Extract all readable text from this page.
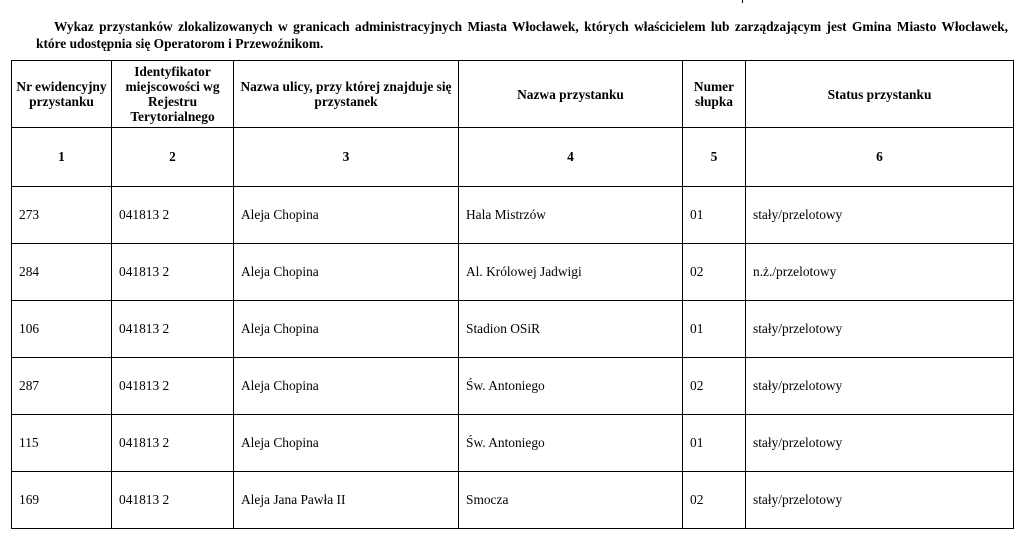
Wykaz przystanków zlokalizowanych w granicach administracyjnych Miasta Włocławek, których właścicielem lub zarządzającym jest Gmina Miasto Włocławek, które udostępnia się Operatorom i Przewoźnikom.
Nr ewidencyjny przystanku	Identyfikator miejscowości wg Rejestru Terytorialnego	Nazwa ulicy, przy której znajduje się przystanek	Nazwa przystanku	Numer słupka	Status przystanku
1	2	3	4	5	6
273	041813 2	Aleja Chopina	Hala Mistrzów	01	stały/przelotowy
284	041813 2	Aleja Chopina	Al. Królowej Jadwigi	02	n.ż./przelotowy
106	041813 2	Aleja Chopina	Stadion OSiR	01	stały/przelotowy
287	041813 2	Aleja Chopina	Św. Antoniego	02	stały/przelotowy
115	041813 2	Aleja Chopina	Św. Antoniego	01	stały/przelotowy
169	041813 2	Aleja Jana Pawła II	Smocza	02	stały/przelotowy
